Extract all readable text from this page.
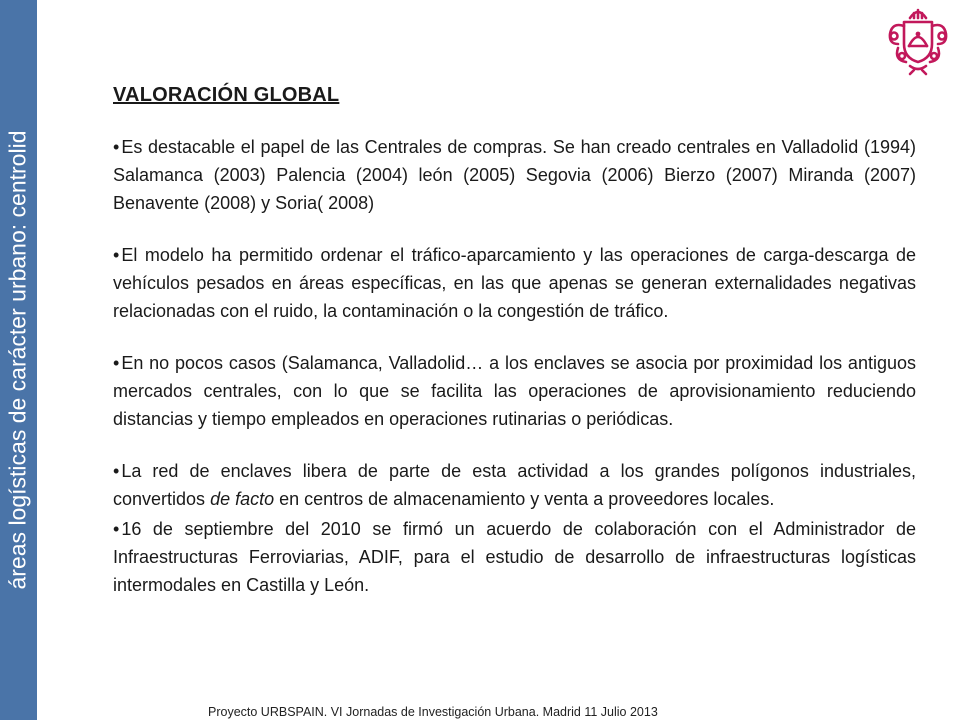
áreas logísticas de carácter urbano: centrolid
VALORACIÓN GLOBAL

• Es destacable el papel de las Centrales de compras. Se han creado centrales en Valladolid (1994) Salamanca (2003) Palencia (2004) león (2005) Segovia (2006) Bierzo (2007) Miranda (2007) Benavente (2008) y Soria( 2008)

• El modelo ha permitido ordenar el tráfico-aparcamiento y las operaciones de carga-descarga de vehículos pesados en áreas específicas, en las que apenas se generan externalidades negativas relacionadas con el ruido, la contaminación o la congestión de tráfico.

• En no pocos casos (Salamanca, Valladolid… a los enclaves se asocia por proximidad los antiguos mercados centrales, con lo que se facilita las operaciones de aprovisionamiento reduciendo distancias y tiempo empleados en operaciones rutinarias o periódicas.

• La red de enclaves libera de parte de esta actividad a los grandes polígonos industriales, convertidos de facto en centros de almacenamiento y venta a proveedores locales.

• 16 de septiembre del 2010 se firmó un acuerdo de colaboración con el Administrador de Infraestructuras Ferroviarias, ADIF, para el estudio de desarrollo de infraestructuras logísticas intermodales en Castilla y León.

Proyecto URBSPAIN. VI Jornadas de Investigación Urbana. Madrid 11 Julio 2013
